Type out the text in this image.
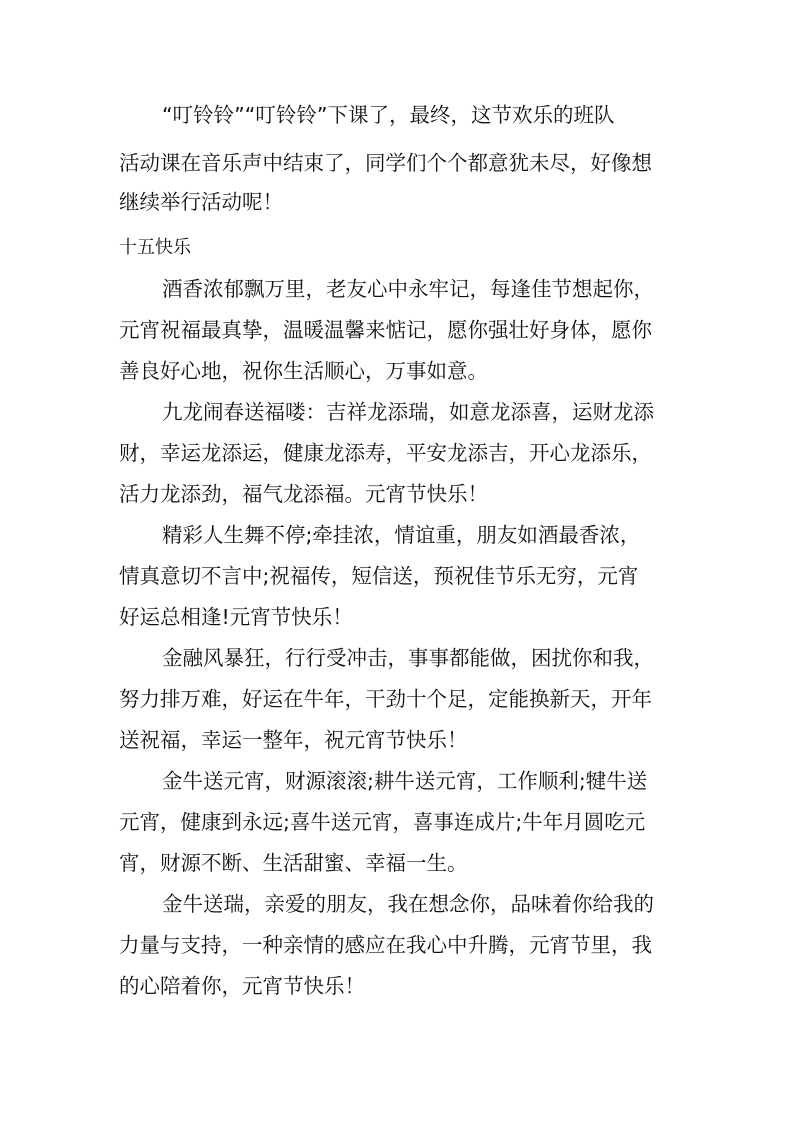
“叮铃铃”“叮铃铃”下课了，最终，这节欢乐的班队
活动课在音乐声中结束了，同学们个个都意犹未尽，好像想
继续举行活动呢！
十五快乐
酒香浓郁飘万里，老友心中永牢记，每逢佳节想起你，
元宵祝福最真挚，温暖温馨来惦记，愿你强壮好身体，愿你
善良好心地，祝你生活顺心，万事如意。
九龙闹春送福喽：吉祥龙添瑞，如意龙添喜，运财龙添
财，幸运龙添运，健康龙添寿，平安龙添吉，开心龙添乐，
活力龙添劲，福气龙添福。元宵节快乐！
精彩人生舞不停;牵挂浓，情谊重，朋友如酒最香浓，
情真意切不言中;祝福传，短信送，预祝佳节乐无穷，元宵
好运总相逢!元宵节快乐！
金融风暴狂，行行受冲击，事事都能做，困扰你和我，
努力排万难，好运在牛年，干劲十个足，定能换新天，开年
送祝福，幸运一整年，祝元宵节快乐！
金牛送元宵，财源滚滚;耕牛送元宵，工作顺利;犍牛送
元宵，健康到永远;喜牛送元宵，喜事连成片;牛年月圆吃元
宵，财源不断、生活甜蜜、幸福一生。
金牛送瑞，亲爱的朋友，我在想念你，品味着你给我的
力量与支持，一种亲情的感应在我心中升腾，元宵节里，我
的心陪着你，元宵节快乐！
